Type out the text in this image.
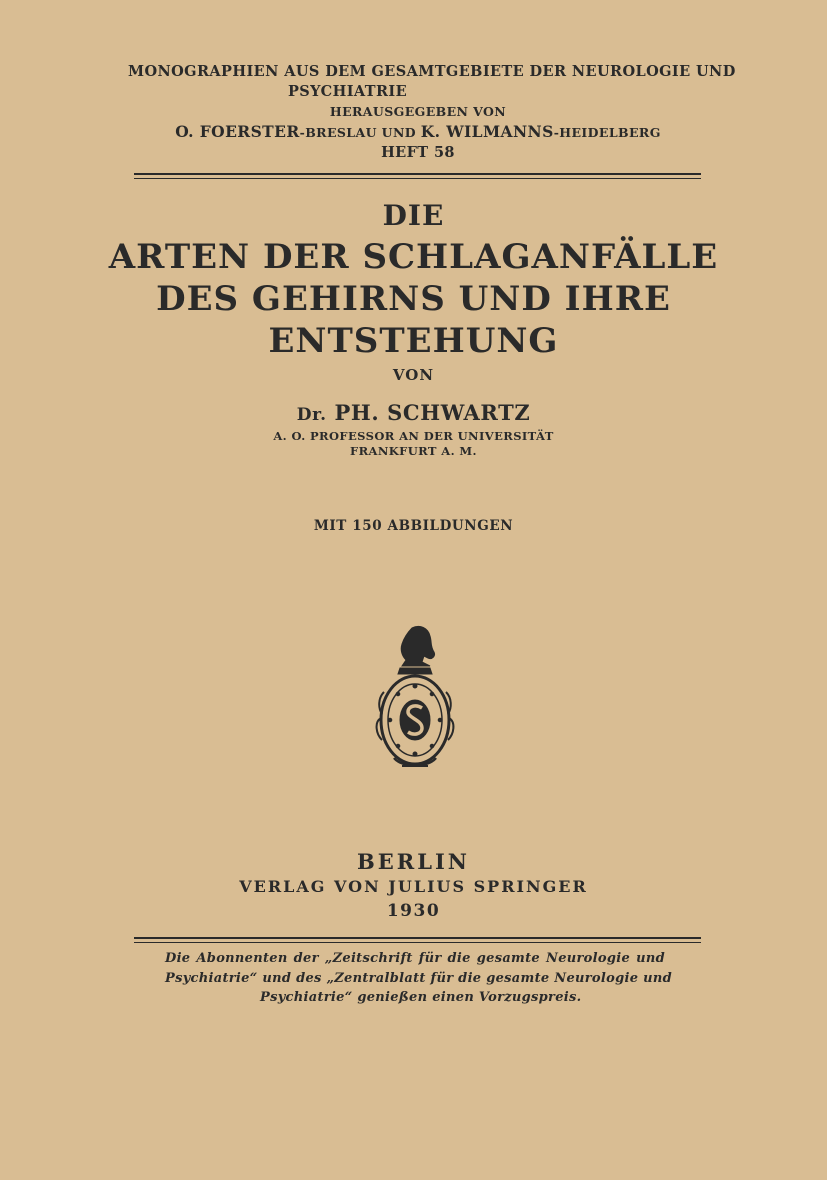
MONOGRAPHIEN AUS DEM GESAMTGEBIETE DER NEUROLOGIE UND
PSYCHIATRIE
HERAUSGEGEBEN VON
O. FOERSTER-BRESLAU UND K. WILMANNS-HEIDELBERG
HEFT 58
DIE
ARTEN DER SCHLAGANFÄLLE
DES GEHIRNS UND IHRE
ENTSTEHUNG
VON
Dr. PH. SCHWARTZ
A. O. PROFESSOR AN DER UNIVERSITÄT
FRANKFURT A. M.
MIT 150 ABBILDUNGEN
BERLIN
VERLAG VON JULIUS SPRINGER
1930
Die Abonnenten der „Zeitschrift für die gesamte Neurologie und
Psychiatrie“ und des „Zentralblatt für die gesamte Neurologie und
Psychiatrie“ genießen einen Vorzugspreis.
